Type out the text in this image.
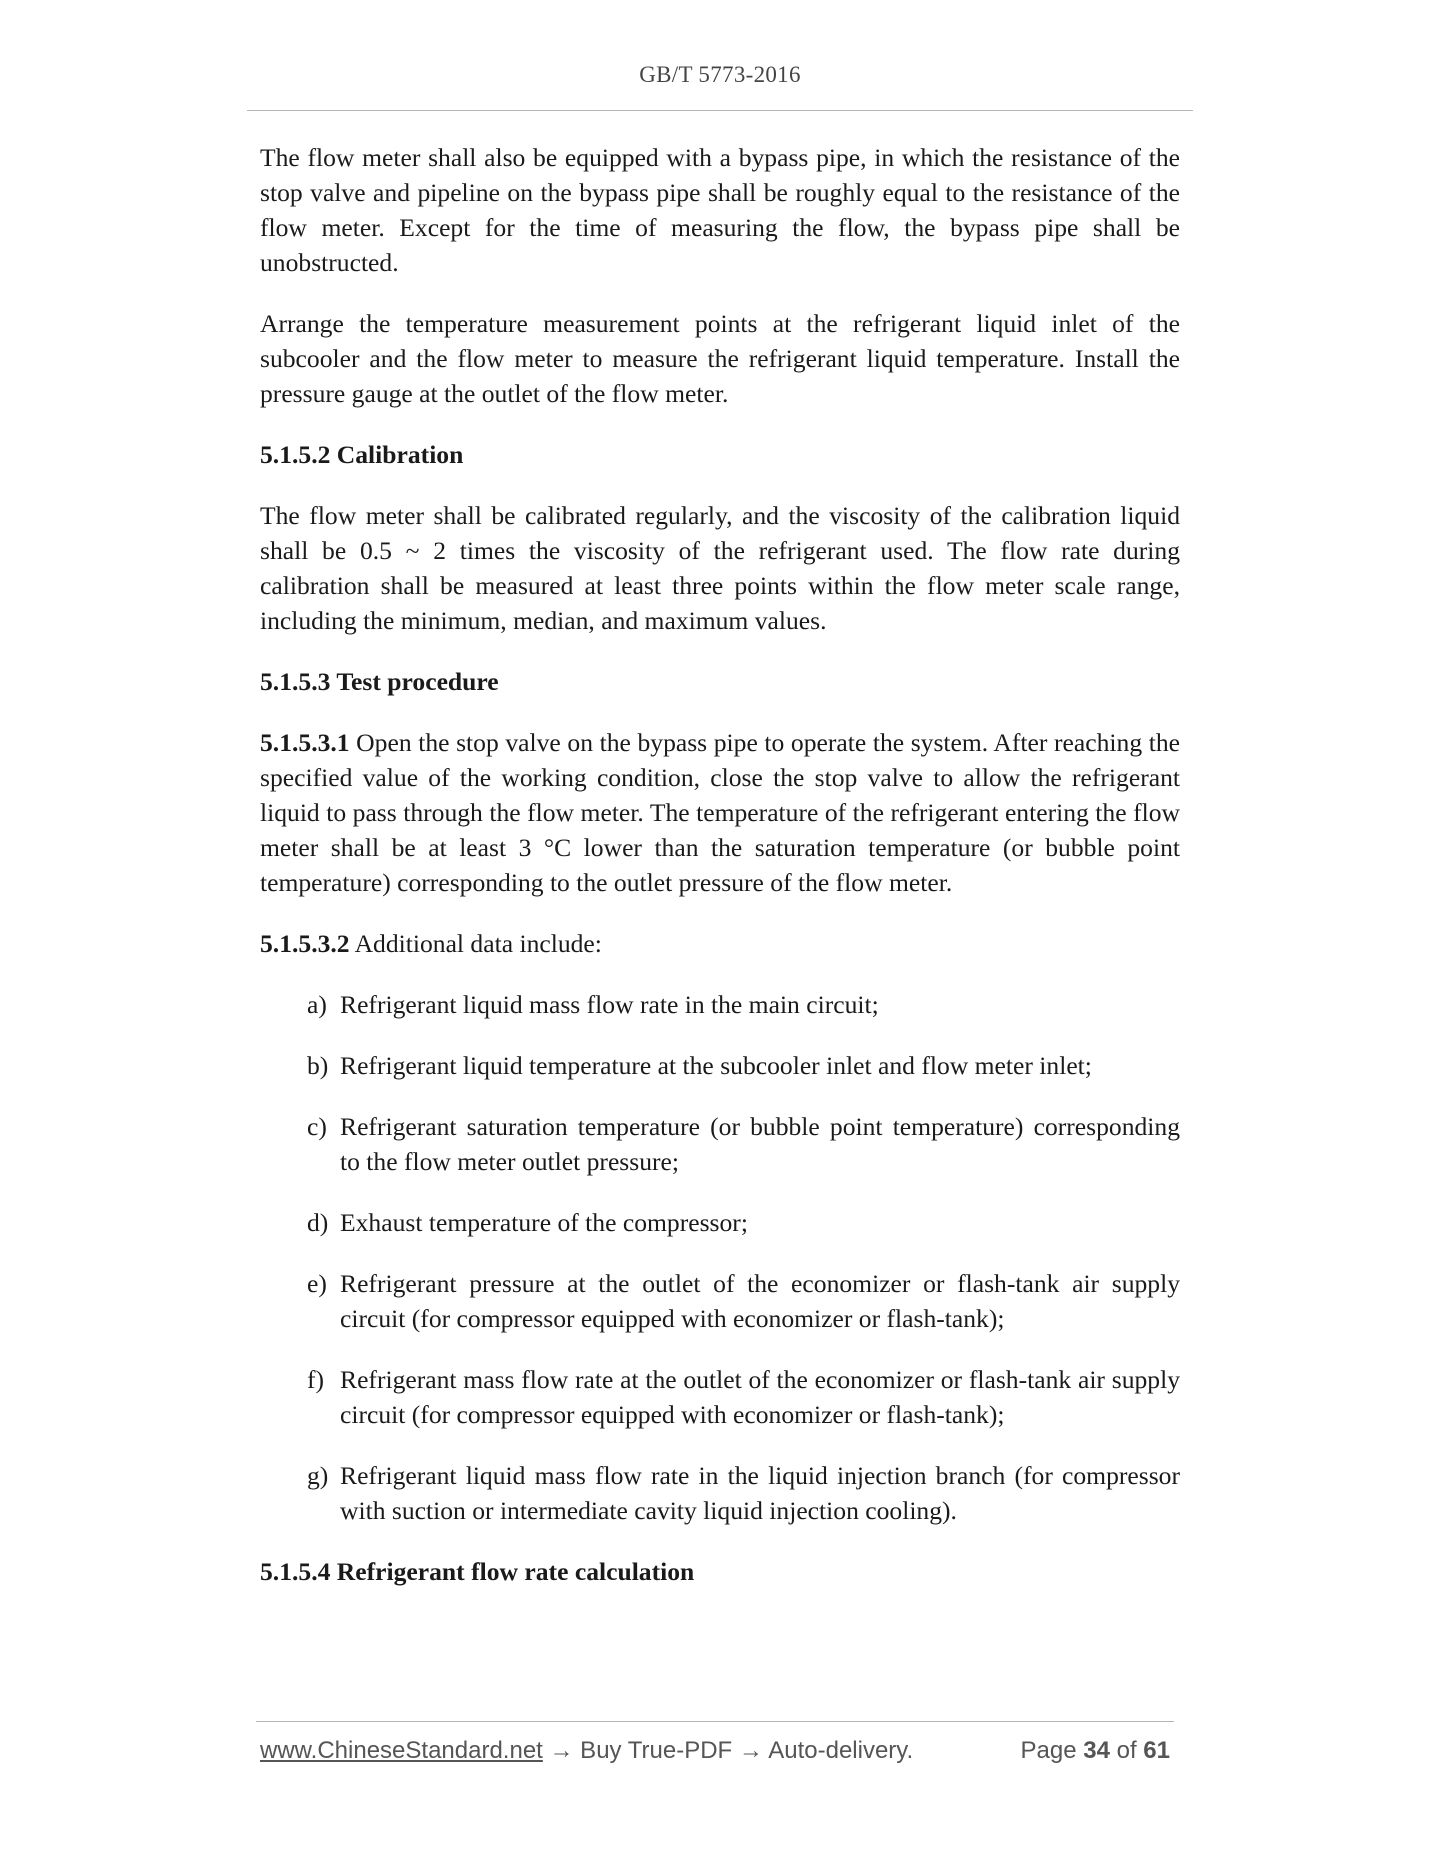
GB/T 5773-2016

The flow meter shall also be equipped with a bypass pipe, in which the resistance of the stop valve and pipeline on the bypass pipe shall be roughly equal to the resistance of the flow meter. Except for the time of measuring the flow, the bypass pipe shall be unobstructed.

Arrange the temperature measurement points at the refrigerant liquid inlet of the subcooler and the flow meter to measure the refrigerant liquid temperature. Install the pressure gauge at the outlet of the flow meter.

5.1.5.2 Calibration

The flow meter shall be calibrated regularly, and the viscosity of the calibration liquid shall be 0.5 ~ 2 times the viscosity of the refrigerant used. The flow rate during calibration shall be measured at least three points within the flow meter scale range, including the minimum, median, and maximum values.

5.1.5.3 Test procedure

5.1.5.3.1 Open the stop valve on the bypass pipe to operate the system. After reaching the specified value of the working condition, close the stop valve to allow the refrigerant liquid to pass through the flow meter. The temperature of the refrigerant entering the flow meter shall be at least 3 °C lower than the saturation temperature (or bubble point temperature) corresponding to the outlet pressure of the flow meter.

5.1.5.3.2 Additional data include:

a) Refrigerant liquid mass flow rate in the main circuit;
b) Refrigerant liquid temperature at the subcooler inlet and flow meter inlet;
c) Refrigerant saturation temperature (or bubble point temperature) corresponding to the flow meter outlet pressure;
d) Exhaust temperature of the compressor;
e) Refrigerant pressure at the outlet of the economizer or flash-tank air supply circuit (for compressor equipped with economizer or flash-tank);
f) Refrigerant mass flow rate at the outlet of the economizer or flash-tank air supply circuit (for compressor equipped with economizer or flash-tank);
g) Refrigerant liquid mass flow rate in the liquid injection branch (for compressor with suction or intermediate cavity liquid injection cooling).
5.1.5.4 Refrigerant flow rate calculation
www.ChineseStandard.net → Buy True-PDF → Auto-delivery.	Page 34 of 61
